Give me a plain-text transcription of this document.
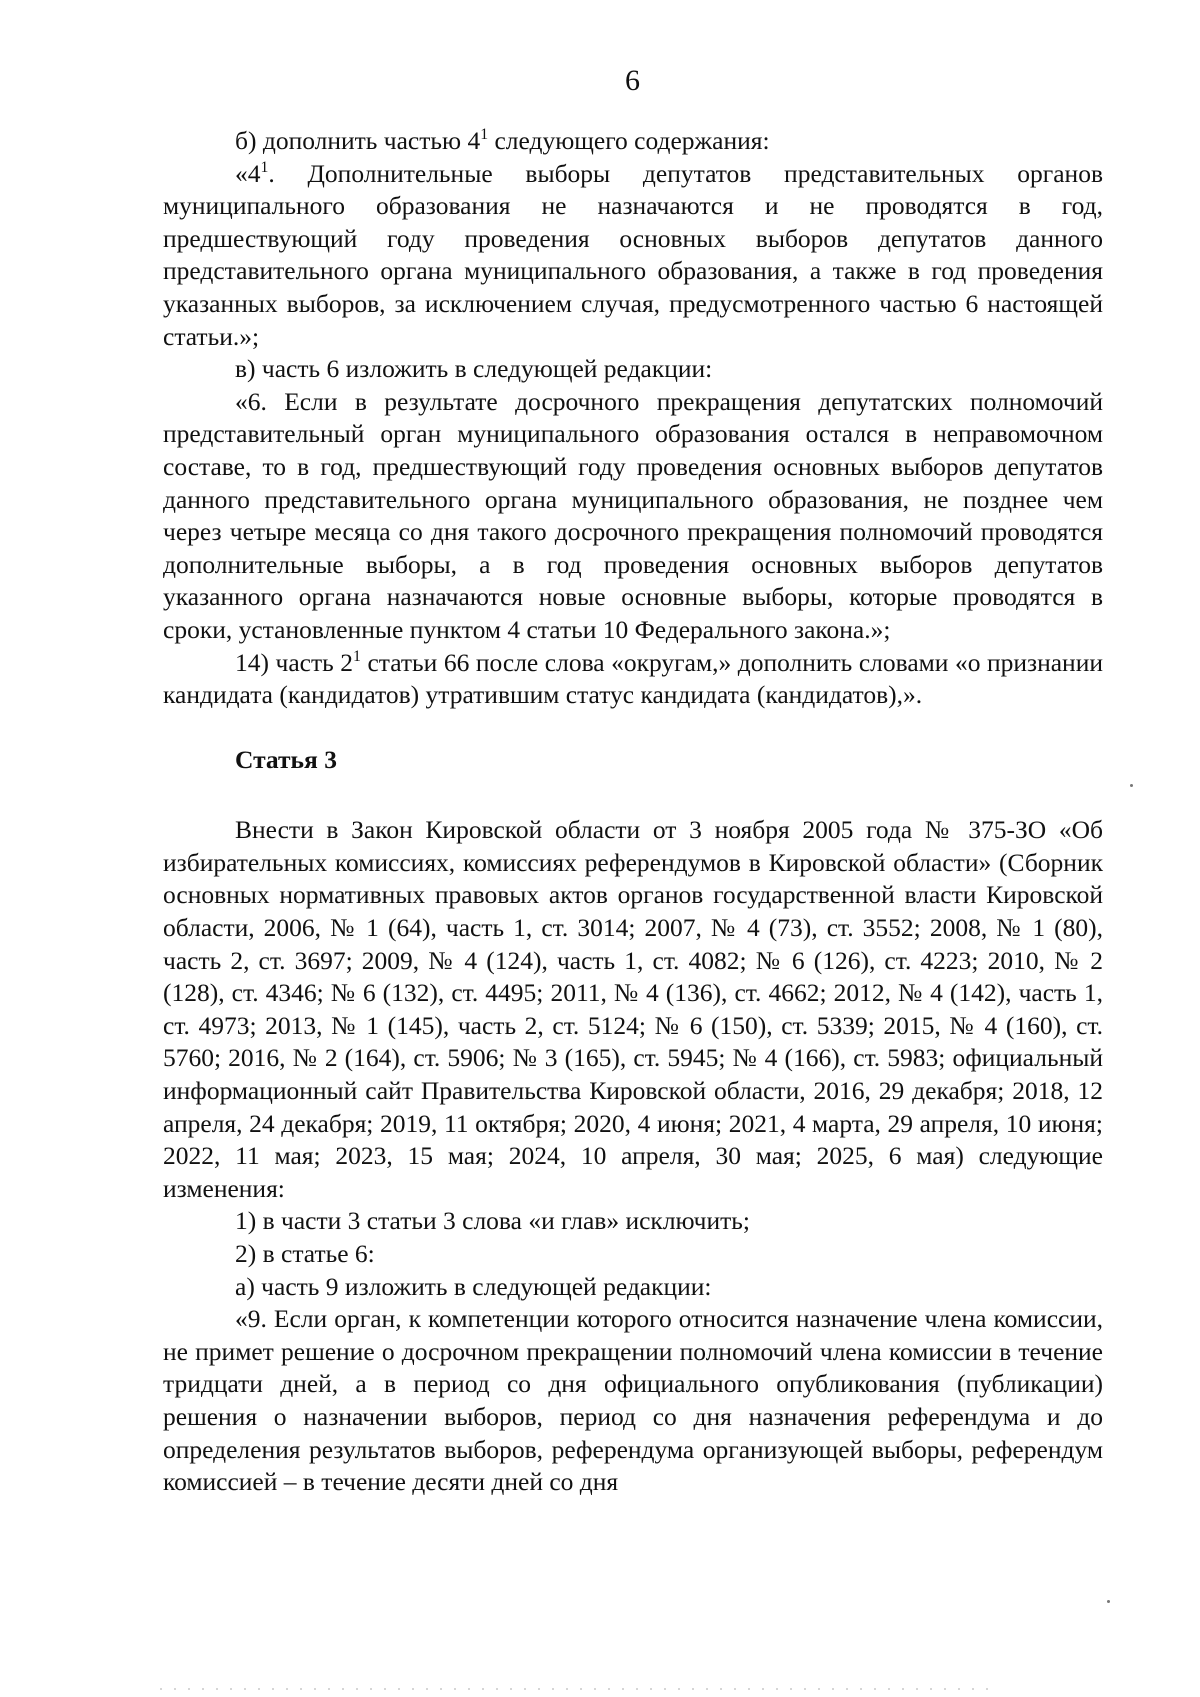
6

б) дополнить частью $4^1$ следующего содержания:

«$4^1$. Дополнительные выборы депутатов представительных органов муниципального образования не назначаются и не проводятся в год, предшествующий году проведения основных выборов депутатов данного представительного органа муниципального образования, а также в год проведения указанных выборов, за исключением случая, предусмотренного частью 6 настоящей статьи.»;

в) часть 6 изложить в следующей редакции:

«6. Если в результате досрочного прекращения депутатских полномочий представительный орган муниципального образования остался в неправомочном составе, то в год, предшествующий году проведения основных выборов депутатов данного представительного органа муниципального образования, не позднее чем через четыре месяца со дня такого досрочного прекращения полномочий проводятся дополнительные выборы, а в год проведения основных выборов депутатов указанного органа назначаются новые основные выборы, которые проводятся в сроки, установленные пунктом 4 статьи 10 Федерального закона.»;

14) часть $2^1$ статьи 66 после слова «округам,» дополнить словами «о признании кандидата (кандидатов) утратившим статус кандидата (кандидатов),».

Статья 3

Внести в Закон Кировской области от 3 ноября 2005 года № 375-ЗО «Об избирательных комиссиях, комиссиях референдумов в Кировской области» (Сборник основных нормативных правовых актов органов государственной власти Кировской области, 2006, № 1 (64), часть 1, ст. 3014; 2007, № 4 (73), ст. 3552; 2008, № 1 (80), часть 2, ст. 3697; 2009, № 4 (124), часть 1, ст. 4082; № 6 (126), ст. 4223; 2010, № 2 (128), ст. 4346; № 6 (132), ст. 4495; 2011, № 4 (136), ст. 4662; 2012, № 4 (142), часть 1, ст. 4973; 2013, № 1 (145), часть 2, ст. 5124; № 6 (150), ст. 5339; 2015, № 4 (160), ст. 5760; 2016, № 2 (164), ст. 5906; № 3 (165), ст. 5945; № 4 (166), ст. 5983; официальный информационный сайт Правительства Кировской области, 2016, 29 декабря; 2018, 12 апреля, 24 декабря; 2019, 11 октября; 2020, 4 июня; 2021, 4 марта, 29 апреля, 10 июня; 2022, 11 мая; 2023, 15 мая; 2024, 10 апреля, 30 мая; 2025, 6 мая) следующие изменения:

1) в части 3 статьи 3 слова «и глав» исключить;

2) в статье 6:

а) часть 9 изложить в следующей редакции:

«9. Если орган, к компетенции которого относится назначение члена комиссии, не примет решение о досрочном прекращении полномочий члена комиссии в течение тридцати дней, а в период со дня официального опубликования (публикации) решения о назначении выборов, период со дня назначения референдума и до определения результатов выборов, референдума организующей выборы, референдум комиссией – в течение десяти дней со дня
